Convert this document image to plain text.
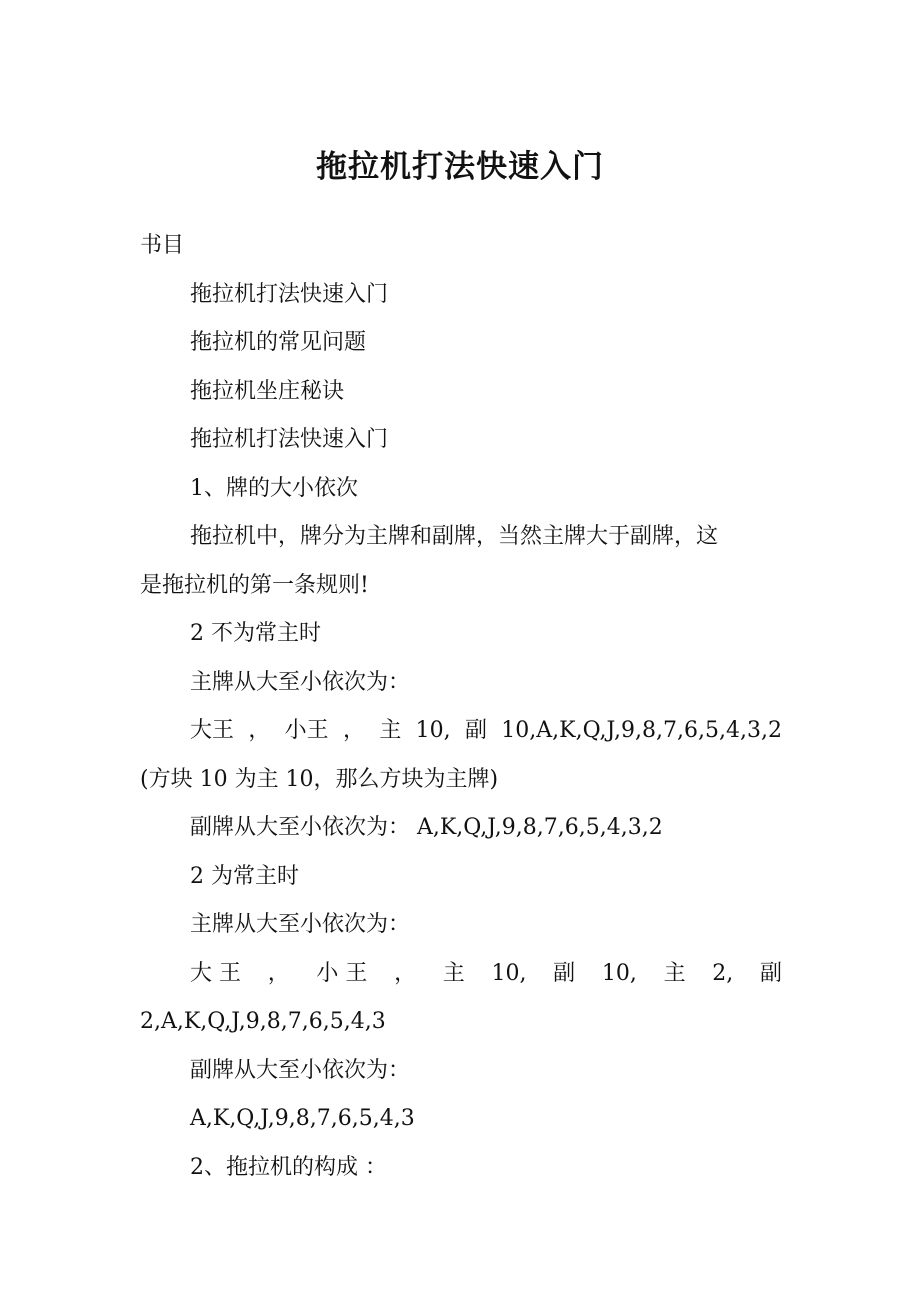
拖拉机打法快速入门

书目

拖拉机打法快速入门

拖拉机的常见问题

拖拉机坐庄秘诀

拖拉机打法快速入门

1、牌的大小依次

拖拉机中，牌分为主牌和副牌，当然主牌大于副牌，这

是拖拉机的第一条规则!

2 不为常主时

主牌从大至小依次为：

大王 ， 小王 ， 主 10, 副 10,A,K,Q,J,9,8,7,6,5,4,3,2

(方块 10 为主 10，那么方块为主牌)

副牌从大至小依次为： A,K,Q,J,9,8,7,6,5,4,3,2

2 为常主时

主牌从大至小依次为：

大 王 ， 小 王 ， 主 10, 副 10, 主 2, 副

2,A,K,Q,J,9,8,7,6,5,4,3

副牌从大至小依次为：

A,K,Q,J,9,8,7,6,5,4,3

2、拖拉机的构成 ：
